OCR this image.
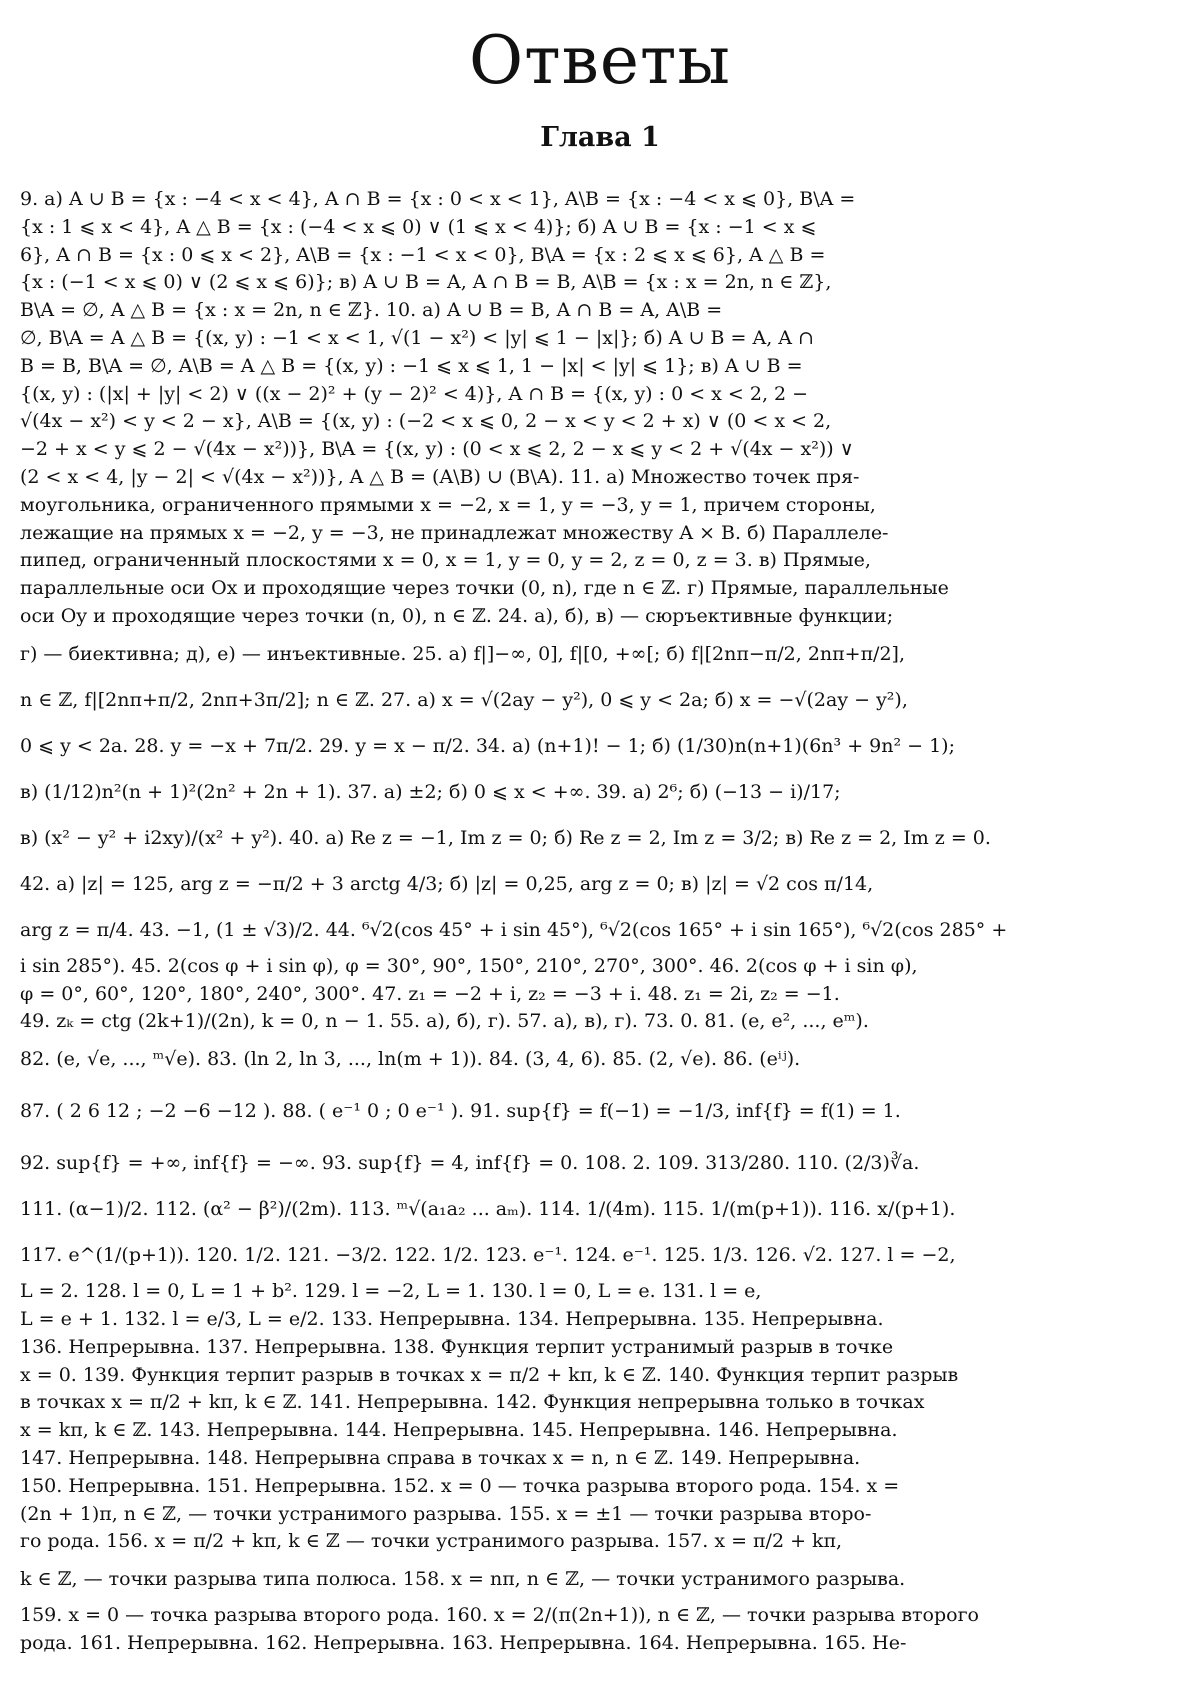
Ответы
Глава 1
9. a) A ∪ B = {x : −4 < x < 4}, A ∩ B = {x : 0 < x < 1}, A\B = {x : −4 < x ⩽ 0}, B\A =
{x : 1 ⩽ x < 4}, A △ B = {x : (−4 < x ⩽ 0) ∨ (1 ⩽ x < 4)}; б) A ∪ B = {x : −1 < x ⩽
6}, A ∩ B = {x : 0 ⩽ x < 2}, A\B = {x : −1 < x < 0}, B\A = {x : 2 ⩽ x ⩽ 6}, A △ B =
{x : (−1 < x ⩽ 0) ∨ (2 ⩽ x ⩽ 6)}; в) A ∪ B = A, A ∩ B = B, A\B = {x : x = 2n, n ∈ ℤ},
B\A = ∅, A △ B = {x : x = 2n, n ∈ ℤ}. 10. a) A ∪ B = B, A ∩ B = A, A\B =
∅, B\A = A △ B = {(x, y) : −1 < x < 1, √(1 − x²) < |y| ⩽ 1 − |x|}; б) A ∪ B = A, A ∩
B = B, B\A = ∅, A\B = A △ B = {(x, y) : −1 ⩽ x ⩽ 1, 1 − |x| < |y| ⩽ 1}; в) A ∪ B =
{(x, y) : (|x| + |y| < 2) ∨ ((x − 2)² + (y − 2)² < 4)}, A ∩ B = {(x, y) : 0 < x < 2, 2 −
√(4x − x²) < y < 2 − x}, A\B = {(x, y) : (−2 < x ⩽ 0, 2 − x < y < 2 + x) ∨ (0 < x < 2,
−2 + x < y ⩽ 2 − √(4x − x²))}, B\A = {(x, y) : (0 < x ⩽ 2, 2 − x ⩽ y < 2 + √(4x − x²)) ∨
(2 < x < 4, |y − 2| < √(4x − x²))}, A △ B = (A\B) ∪ (B\A). 11. a) Множество точек пря-
моугольника, ограниченного прямыми x = −2, x = 1, y = −3, y = 1, причем стороны,
лежащие на прямых x = −2, y = −3, не принадлежат множеству A × B. б) Параллеле-
пипед, ограниченный плоскостями x = 0, x = 1, y = 0, y = 2, z = 0, z = 3. в) Прямые,
параллельные оси Ox и проходящие через точки (0, n), где n ∈ ℤ. г) Прямые, параллельные
оси Oy и проходящие через точки (n, 0), n ∈ ℤ. 24. a), б), в) — сюръективные функции;
г) — биективна; д), е) — инъективные. 25. a) f|]−∞, 0], f|[0, +∞[; б) f|[2nπ−π/2, 2nπ+π/2],
n ∈ ℤ, f|[2nπ+π/2, 2nπ+3π/2]; n ∈ ℤ. 27. a) x = √(2ay − y²), 0 ⩽ y < 2a; б) x = −√(2ay − y²),
0 ⩽ y < 2a. 28. y = −x + 7π/2. 29. y = x − π/2. 34. a) (n+1)! − 1; б) (1/30)n(n+1)(6n³ + 9n² − 1);
в) (1/12)n²(n + 1)²(2n² + 2n + 1). 37. a) ±2; б) 0 ⩽ x < +∞. 39. a) 2⁶; б) (−13 − i)/17;
в) (x² − y² + i2xy)/(x² + y²). 40. a) Re z = −1, Im z = 0; б) Re z = 2, Im z = 3/2; в) Re z = 2, Im z = 0.
42. a) |z| = 125, arg z = −π/2 + 3 arctg 4/3; б) |z| = 0,25, arg z = 0; в) |z| = √2 cos π/14,
arg z = π/4. 43. −1, (1 ± √3)/2. 44. ⁶√2(cos 45° + i sin 45°), ⁶√2(cos 165° + i sin 165°), ⁶√2(cos 285° +
i sin 285°). 45. 2(cos φ + i sin φ), φ = 30°, 90°, 150°, 210°, 270°, 300°. 46. 2(cos φ + i sin φ),
φ = 0°, 60°, 120°, 180°, 240°, 300°. 47. z₁ = −2 + i, z₂ = −3 + i. 48. z₁ = 2i, z₂ = −1.
49. zₖ = ctg (2k+1)/(2n), k = 0, n − 1. 55. a), б), г). 57. a), в), г). 73. 0. 81. (e, e², ..., eᵐ).
82. (e, √e, ..., ᵐ√e). 83. (ln 2, ln 3, ..., ln(m + 1)). 84. (3, 4, 6). 85. (2, √e). 86. (eⁱʲ).
87. ( 2 6 12 ; −2 −6 −12 ). 88. ( e⁻¹ 0 ; 0 e⁻¹ ). 91. sup{f} = f(−1) = −1/3, inf{f} = f(1) = 1.
92. sup{f} = +∞, inf{f} = −∞. 93. sup{f} = 4, inf{f} = 0. 108. 2. 109. 313/280. 110. (2/3)∛a.
111. (α−1)/2. 112. (α² − β²)/(2m). 113. ᵐ√(a₁a₂ ... aₘ). 114. 1/(4m). 115. 1/(m(p+1)). 116. x/(p+1).
117. e^(1/(p+1)). 120. 1/2. 121. −3/2. 122. 1/2. 123. e⁻¹. 124. e⁻¹. 125. 1/3. 126. √2. 127. l = −2,
L = 2. 128. l = 0, L = 1 + b². 129. l = −2, L = 1. 130. l = 0, L = e. 131. l = e,
L = e + 1. 132. l = e/3, L = e/2. 133. Непрерывна. 134. Непрерывна. 135. Непрерывна.
136. Непрерывна. 137. Непрерывна. 138. Функция терпит устранимый разрыв в точке
x = 0. 139. Функция терпит разрыв в точках x = π/2 + kπ, k ∈ ℤ. 140. Функция терпит разрыв
в точках x = π/2 + kπ, k ∈ ℤ. 141. Непрерывна. 142. Функция непрерывна только в точках
x = kπ, k ∈ ℤ. 143. Непрерывна. 144. Непрерывна. 145. Непрерывна. 146. Непрерывна.
147. Непрерывна. 148. Непрерывна справа в точках x = n, n ∈ ℤ. 149. Непрерывна.
150. Непрерывна. 151. Непрерывна. 152. x = 0 — точка разрыва второго рода. 154. x =
(2n + 1)π, n ∈ ℤ, — точки устранимого разрыва. 155. x = ±1 — точки разрыва второ-
го рода. 156. x = π/2 + kπ, k ∈ ℤ — точки устранимого разрыва. 157. x = π/2 + kπ,
k ∈ ℤ, — точки разрыва типа полюса. 158. x = nπ, n ∈ ℤ, — точки устранимого разрыва.
159. x = 0 — точка разрыва второго рода. 160. x = 2/(π(2n+1)), n ∈ ℤ, — точки разрыва второго
рода. 161. Непрерывна. 162. Непрерывна. 163. Непрерывна. 164. Непрерывна. 165. Не-
